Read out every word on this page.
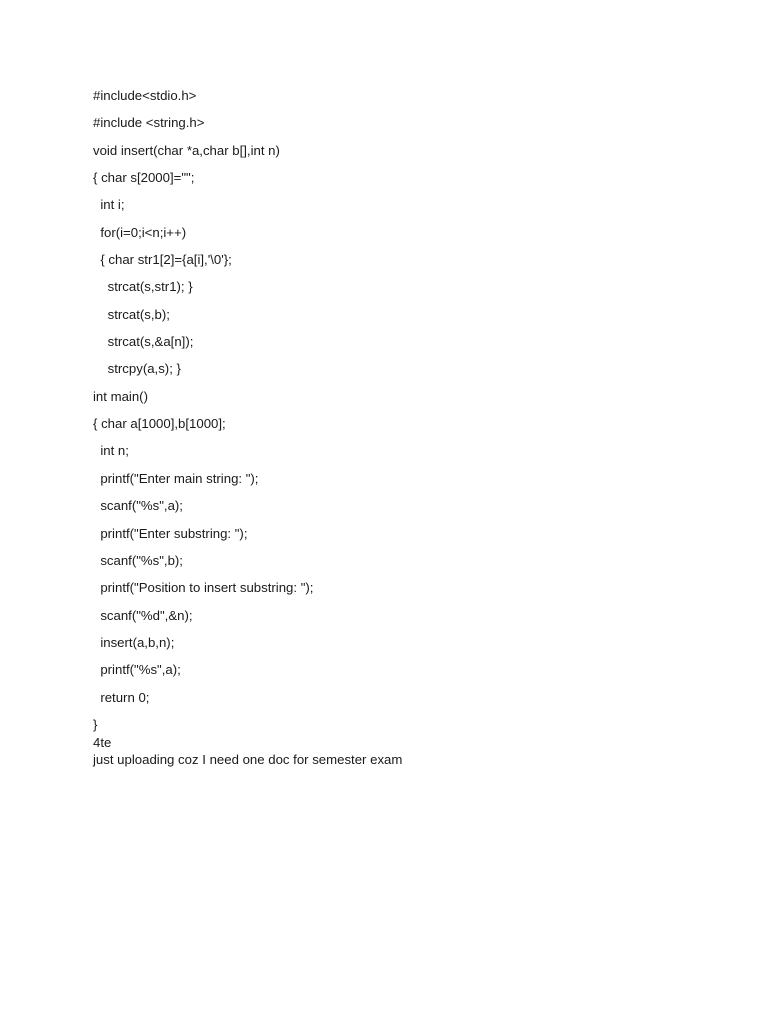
#include<stdio.h>
#include <string.h>
void insert(char *a,char b[],int n)
{ char s[2000]="";
int i;
for(i=0;i<n;i++)
{ char str1[2]={a[i],'\0'};
strcat(s,str1); }
strcat(s,b);
strcat(s,&a[n]);
strcpy(a,s); }
int main()
{ char a[1000],b[1000];
int n;
printf("Enter main string: ");
scanf("%s",a);
printf("Enter substring: ");
scanf("%s",b);
printf("Position to insert substring: ");
scanf("%d",&n);
insert(a,b,n);
printf("%s",a);
return 0;
}
4te
just uploading coz I need one doc for semester exam
